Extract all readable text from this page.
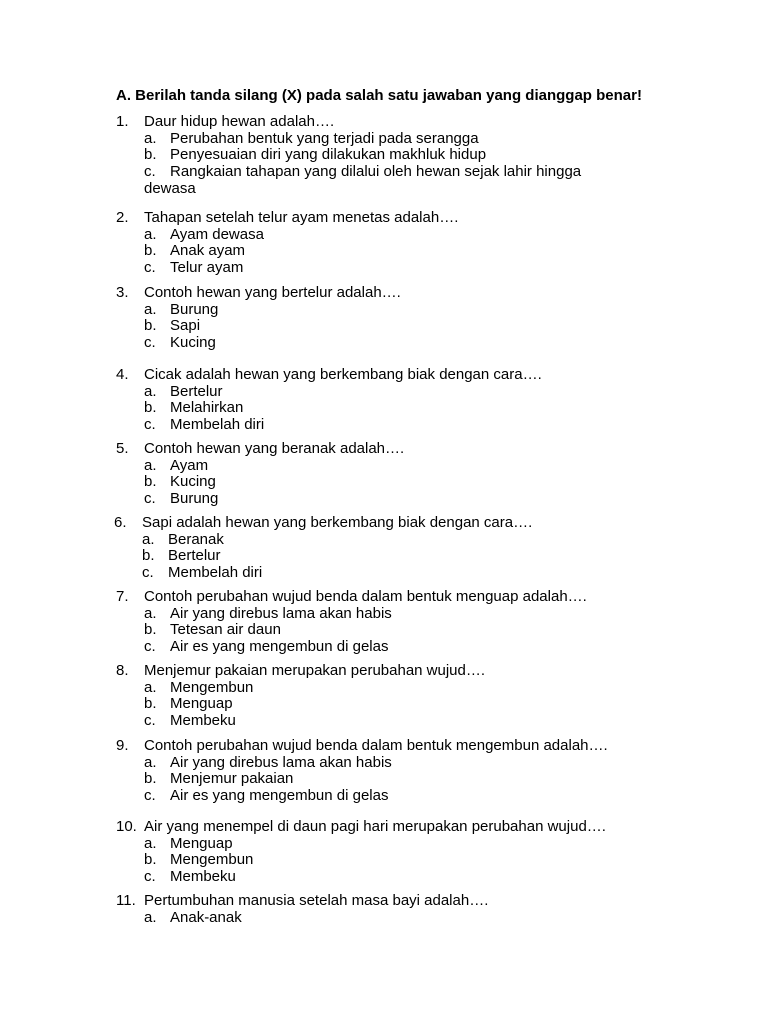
A. Berilah tanda silang (X) pada salah satu jawaban yang dianggap benar!
1.	Daur hidup hewan adalah….
a. Perubahan bentuk yang terjadi pada serangga
b. Penyesuaian diri yang dilakukan makhluk hidup
c. Rangkaian tahapan yang dilalui oleh hewan sejak lahir hingga
dewasa
2.	Tahapan setelah telur ayam menetas adalah….
a. Ayam dewasa
b. Anak ayam
c. Telur ayam
3.	Contoh hewan yang bertelur adalah….
a. Burung
b. Sapi
c. Kucing
4.	Cicak adalah hewan yang berkembang biak dengan cara….
a. Bertelur
b. Melahirkan
c. Membelah diri
5.	Contoh hewan yang beranak adalah….
a. Ayam
b. Kucing
c. Burung
6.	Sapi adalah hewan yang berkembang biak dengan cara….
a. Beranak
b. Bertelur
c. Membelah diri
7.	Contoh perubahan wujud benda dalam bentuk menguap adalah….
a. Air yang direbus lama akan habis
b. Tetesan air daun
c. Air es yang mengembun di gelas
8.	Menjemur pakaian merupakan perubahan wujud….
a. Mengembun
b. Menguap
c. Membeku
9.	Contoh perubahan wujud benda dalam bentuk mengembun adalah….
a. Air yang direbus lama akan habis
b. Menjemur pakaian
c. Air es yang mengembun di gelas
10. Air yang menempel di daun pagi hari merupakan perubahan wujud….
a. Menguap
b. Mengembun
c. Membeku
11. Pertumbuhan manusia setelah masa bayi adalah….
a. Anak-anak
